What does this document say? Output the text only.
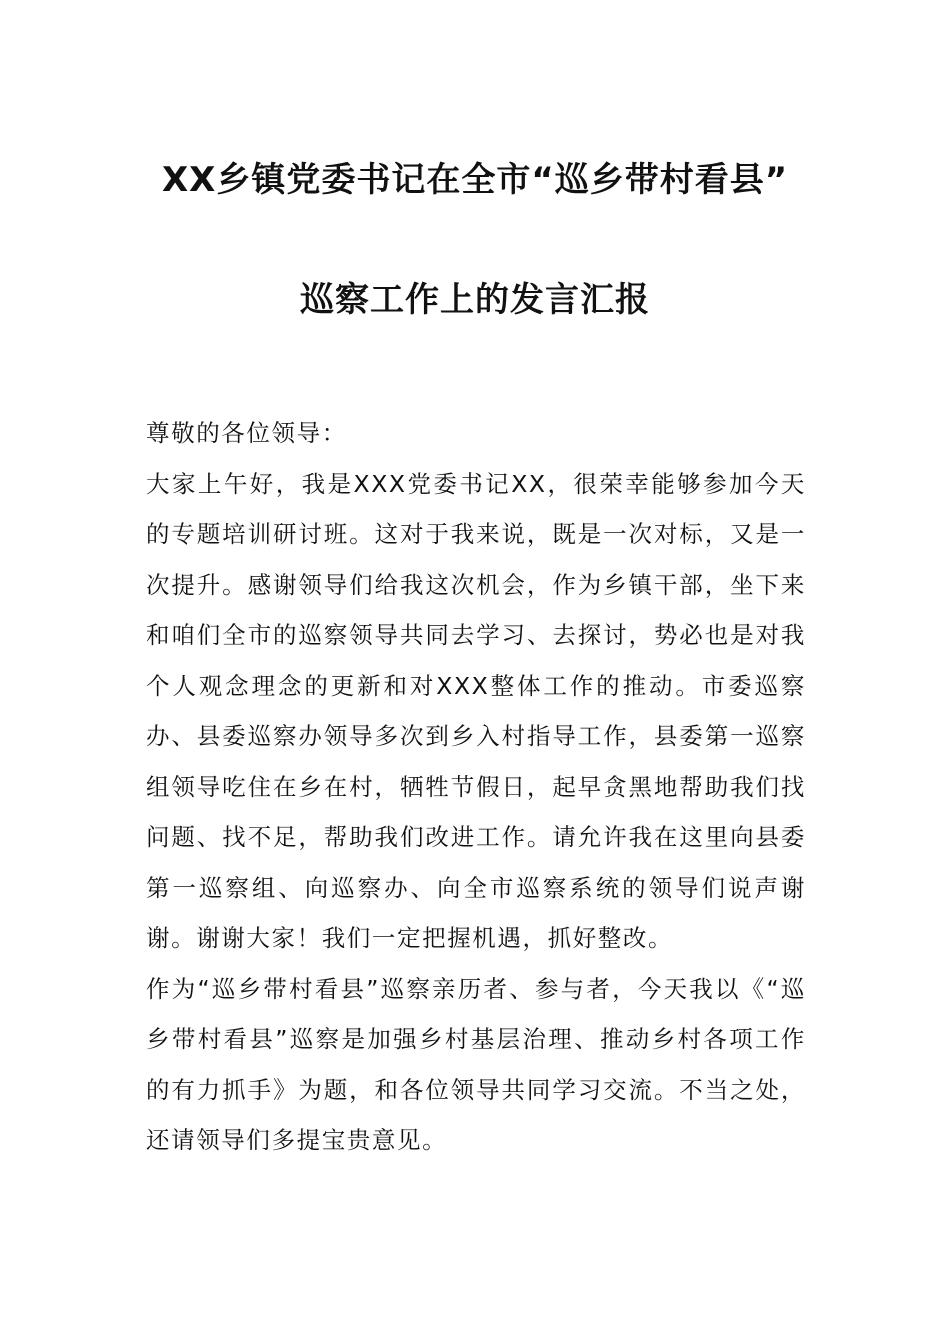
XX乡镇党委书记在全市“巡乡带村看县”
巡察工作上的发言汇报

尊敬的各位领导：

大家上午好，我是XXX党委书记XX，很荣幸能够参加今天的专题培训研讨班。这对于我来说，既是一次对标，又是一次提升。感谢领导们给我这次机会，作为乡镇干部，坐下来和咱们全市的巡察领导共同去学习、去探讨，势必也是对我个人观念理念的更新和对XXX整体工作的推动。市委巡察办、县委巡察办领导多次到乡入村指导工作，县委第一巡察组领导吃住在乡在村，牺牲节假日，起早贪黑地帮助我们找问题、找不足，帮助我们改进工作。请允许我在这里向县委第一巡察组、向巡察办、向全市巡察系统的领导们说声谢谢。谢谢大家！我们一定把握机遇，抓好整改。

作为“巡乡带村看县”巡察亲历者、参与者，今天我以《“巡乡带村看县”巡察是加强乡村基层治理、推动乡村各项工作的有力抓手》为题，和各位领导共同学习交流。不当之处，还请领导们多提宝贵意见。
